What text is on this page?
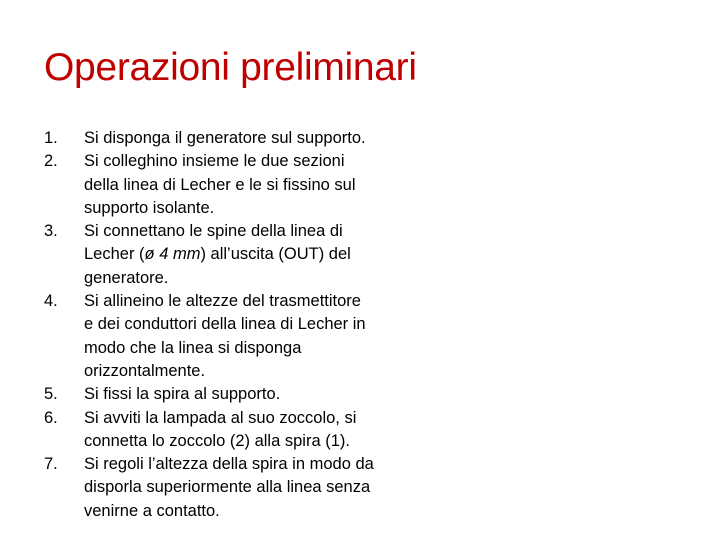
Operazioni preliminari
1.	Si disponga il generatore sul supporto.
2.	Si colleghino insieme le due sezioni
della linea di Lecher e le si fissino sul
supporto isolante.
3.	Si connettano le spine della linea di
Lecher (ø 4 mm) all’uscita (OUT) del
generatore.
4.	Si allineino le altezze del trasmettitore
e dei conduttori della linea di Lecher in
modo che la linea si disponga
orizzontalmente.
5.	Si fissi la spira al supporto.
6.	Si avviti la lampada al suo zoccolo, si
connetta lo zoccolo (2) alla spira (1).
7.	Si regoli l’altezza della spira in modo da
disporla superiormente alla linea senza
venirne a contatto.
